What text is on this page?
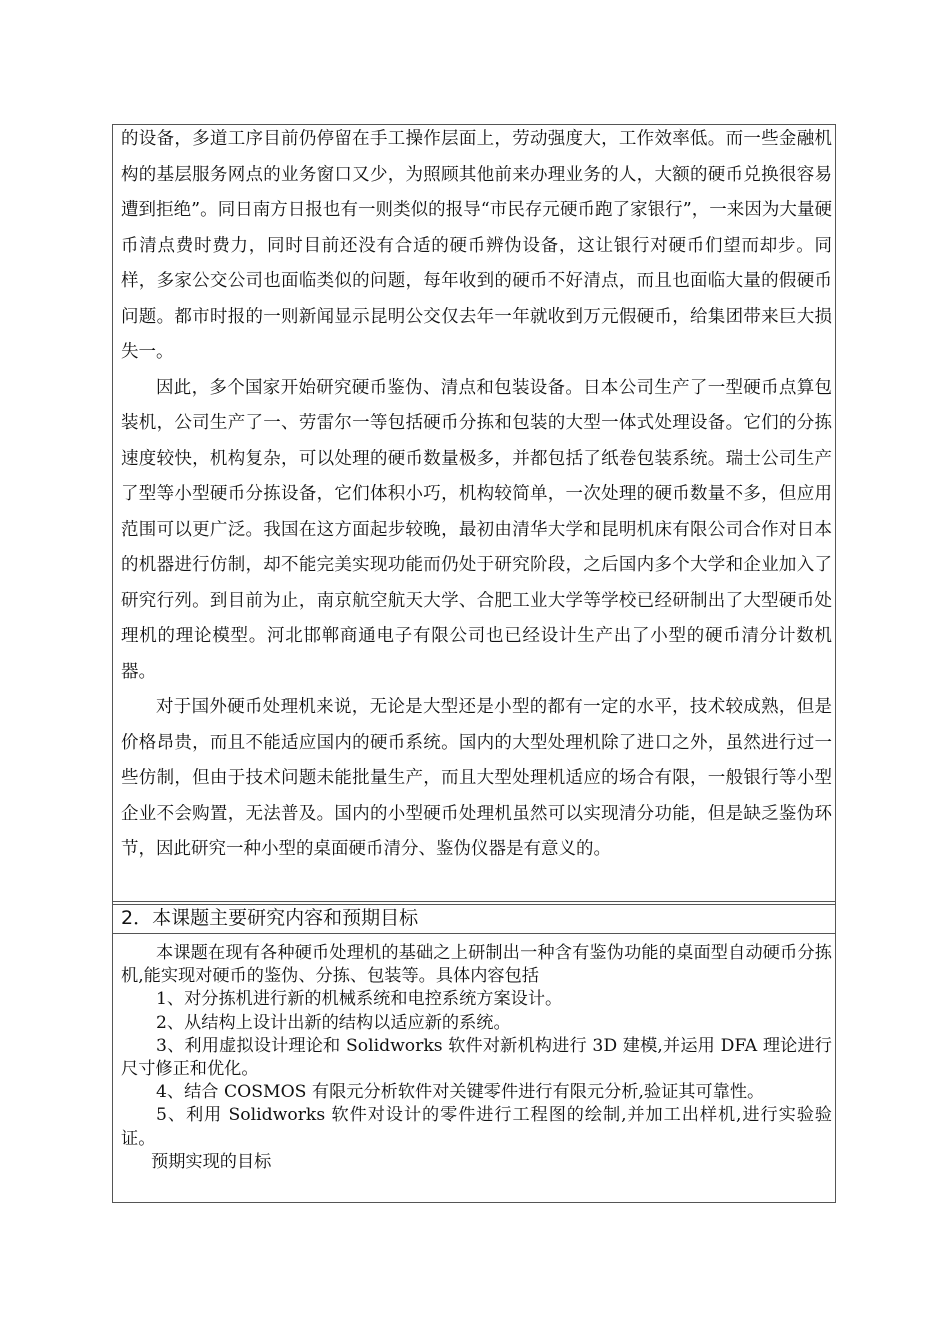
的设备，多道工序目前仍停留在手工操作层面上，劳动强度大，工作效率低。而一些金融机构的基层服务网点的业务窗口又少，为照顾其他前来办理业务的人，大额的硬币兑换很容易遭到拒绝”。同日南方日报也有一则类似的报导“市民存元硬币跑了家银行”，一来因为大量硬币清点费时费力，同时目前还没有合适的硬币辨伪设备，这让银行对硬币们望而却步。同样，多家公交公司也面临类似的问题，每年收到的硬币不好清点，而且也面临大量的假硬币问题。都市时报的一则新闻显示昆明公交仅去年一年就收到万元假硬币，给集团带来巨大损失一。

因此，多个国家开始研究硬币鉴伪、清点和包装设备。日本公司生产了一型硬币点算包装机，公司生产了一、劳雷尔一等包括硬币分拣和包装的大型一体式处理设备。它们的分拣速度较快，机构复杂，可以处理的硬币数量极多，并都包括了纸卷包装系统。瑞士公司生产了型等小型硬币分拣设备，它们体积小巧，机构较简单，一次处理的硬币数量不多，但应用范围可以更广泛。我国在这方面起步较晚，最初由清华大学和昆明机床有限公司合作对日本的机器进行仿制，却不能完美实现功能而仍处于研究阶段，之后国内多个大学和企业加入了研究行列。到目前为止，南京航空航天大学、合肥工业大学等学校已经研制出了大型硬币处理机的理论模型。河北邯郸商通电子有限公司也已经设计生产出了小型的硬币清分计数机器。

对于国外硬币处理机来说，无论是大型还是小型的都有一定的水平，技术较成熟，但是价格昂贵，而且不能适应国内的硬币系统。国内的大型处理机除了进口之外，虽然进行过一些仿制，但由于技术问题未能批量生产，而且大型处理机适应的场合有限，一般银行等小型企业不会购置，无法普及。国内的小型硬币处理机虽然可以实现清分功能，但是缺乏鉴伪环节，因此研究一种小型的桌面硬币清分、鉴伪仪器是有意义的。

2．本课题主要研究内容和预期目标

本课题在现有各种硬币处理机的基础之上研制出一种含有鉴伪功能的桌面型自动硬币分拣机,能实现对硬币的鉴伪、分拣、包装等。具体内容包括

1、对分拣机进行新的机械系统和电控系统方案设计。

2、从结构上设计出新的结构以适应新的系统。

3、利用虚拟设计理论和 Solidworks 软件对新机构进行 3D 建模,并运用 DFA 理论进行尺寸修正和优化。

4、结合 COSMOS 有限元分析软件对关键零件进行有限元分析,验证其可靠性。

5、利用 Solidworks 软件对设计的零件进行工程图的绘制,并加工出样机,进行实验验证。

预期实现的目标
